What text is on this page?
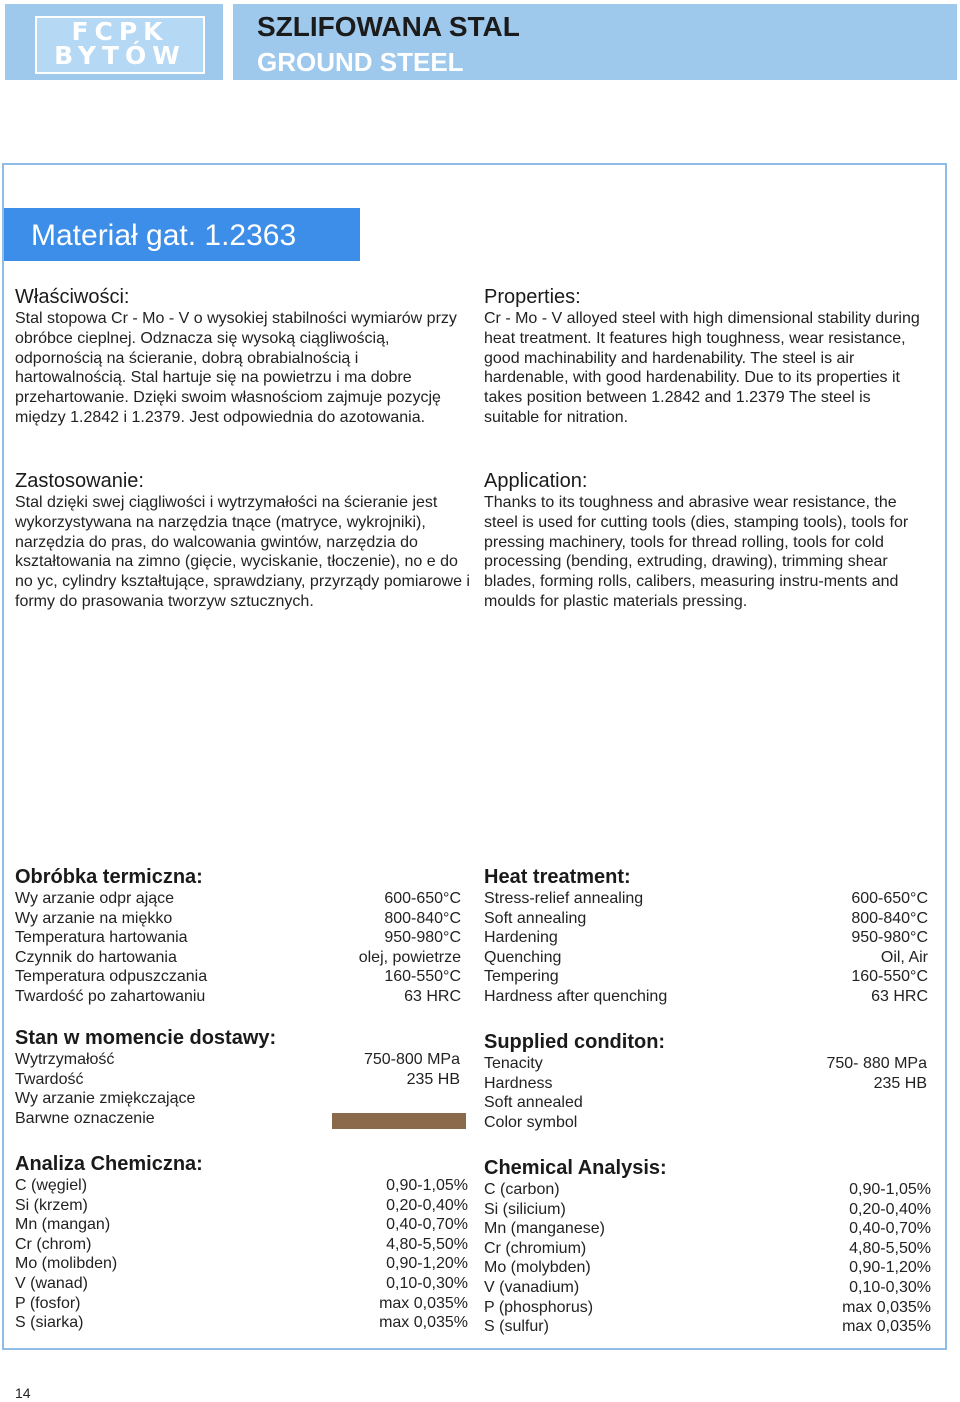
FCPK
BYTÓW
SZLIFOWANA STAL
GROUND STEEL
Materiał gat. 1.2363
Właściwości:

Stal stopowa Cr - Mo - V o wysokiej stabilności wymiarów przy obróbce cieplnej. Odznacza się wysoką ciągliwością, odpornością na ścieranie, dobrą obrabialnością i hartowalnością. Stal hartuje się na powietrzu i ma dobre przehartowanie. Dzięki swoim własnościom zajmuje pozycję między 1.2842 i 1.2379. Jest odpowiednia do azotowania.

Properties:

Cr - Mo - V alloyed steel with high dimensional stability during heat treatment. It features high toughness, wear resistance, good machinability and hardenability. The steel is air hardenable, with good hardenability. Due to its properties it takes position between 1.2842 and 1.2379 The steel is suitable for nitration.

Zastosowanie:

Stal dzięki swej ciągliwości i wytrzymałości na ścieranie jest wykorzystywana na narzędzia tnące (matryce, wykrojniki), narzędzia do pras, do walcowania gwintów, narzędzia do kształtowania na zimno (gięcie, wyciskanie, tłoczenie), no e do no yc, cylindry kształtujące, sprawdziany, przyrządy pomiarowe i formy do prasowania tworzyw sztucznych.

Application:

Thanks to its toughness and abrasive wear resistance, the steel is used for cutting tools (dies, stamping tools), tools for pressing machinery, tools for thread rolling, tools for cold processing (bending, extruding, drawing), trimming shear blades, forming rolls, calibers, measuring instru-ments and moulds for plastic materials pressing.

Obróbka termiczna:
Wy arzanie odpr ające	600-650°C
Wy arzanie na miękko	800-840°C
Temperatura hartowania	950-980°C
Czynnik do hartowania	olej, powietrze
Temperatura odpuszczania	160-550°C
Twardość po zahartowaniu	63 HRC
Heat treatment:
Stress-relief annealing	600-650°C
Soft annealing	800-840°C
Hardening	950-980°C
Quenching	Oil, Air
Tempering	160-550°C
Hardness after quenching	63 HRC
Stan w momencie dostawy:
Wytrzymałość	750-800 MPa
Twardość	235 HB
Wy arzanie zmiękczające
Barwne oznaczenie
Supplied conditon:
Tenacity	750- 880 MPa
Hardness	235 HB
Soft annealed
Color symbol
Analiza Chemiczna:
C (węgiel)	0,90-1,05%
Si (krzem)	0,20-0,40%
Mn (mangan)	0,40-0,70%
Cr (chrom)	4,80-5,50%
Mo (molibden)	0,90-1,20%
V (wanad)	0,10-0,30%
P (fosfor)	max 0,035%
S (siarka)	max 0,035%
Chemical Analysis:
C (carbon)	0,90-1,05%
Si (silicium)	0,20-0,40%
Mn (manganese)	0,40-0,70%
Cr (chromium)	4,80-5,50%
Mo (molybden)	0,90-1,20%
V (vanadium)	0,10-0,30%
P (phosphorus)	max 0,035%
S (sulfur)	max 0,035%
14
